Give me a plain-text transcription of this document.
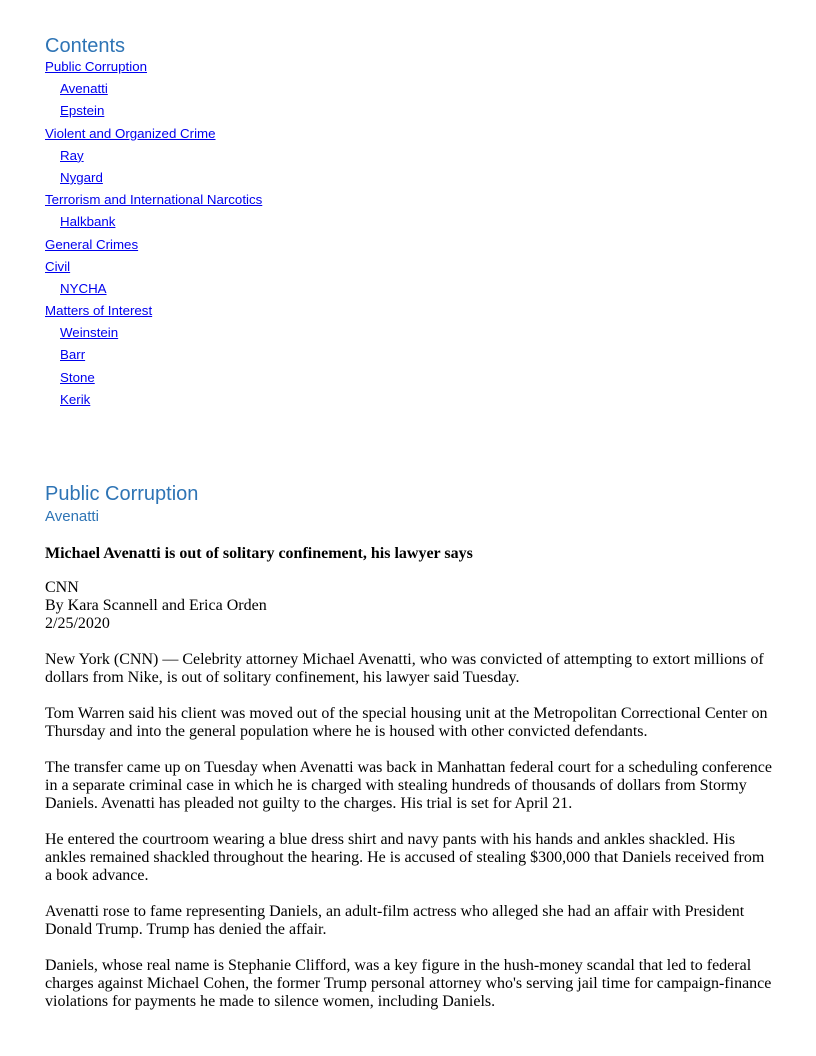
Contents
Public Corruption
Avenatti
Epstein
Violent and Organized Crime
Ray
Nygard
Terrorism and International Narcotics
Halkbank
General Crimes
Civil
NYCHA
Matters of Interest
Weinstein
Barr
Stone
Kerik
Public Corruption
Avenatti

Michael Avenatti is out of solitary confinement, his lawyer says

CNN
By Kara Scannell and Erica Orden
2/25/2020

New York (CNN) — Celebrity attorney Michael Avenatti, who was convicted of attempting to extort millions of dollars from Nike, is out of solitary confinement, his lawyer said Tuesday.

Tom Warren said his client was moved out of the special housing unit at the Metropolitan Correctional Center on Thursday and into the general population where he is housed with other convicted defendants.

The transfer came up on Tuesday when Avenatti was back in Manhattan federal court for a scheduling conference in a separate criminal case in which he is charged with stealing hundreds of thousands of dollars from Stormy Daniels. Avenatti has pleaded not guilty to the charges. His trial is set for April 21.

He entered the courtroom wearing a blue dress shirt and navy pants with his hands and ankles shackled. His ankles remained shackled throughout the hearing. He is accused of stealing $300,000 that Daniels received from a book advance.

Avenatti rose to fame representing Daniels, an adult-film actress who alleged she had an affair with President Donald Trump. Trump has denied the affair.

Daniels, whose real name is Stephanie Clifford, was a key figure in the hush-money scandal that led to federal charges against Michael Cohen, the former Trump personal attorney who's serving jail time for campaign-finance violations for payments he made to silence women, including Daniels.
